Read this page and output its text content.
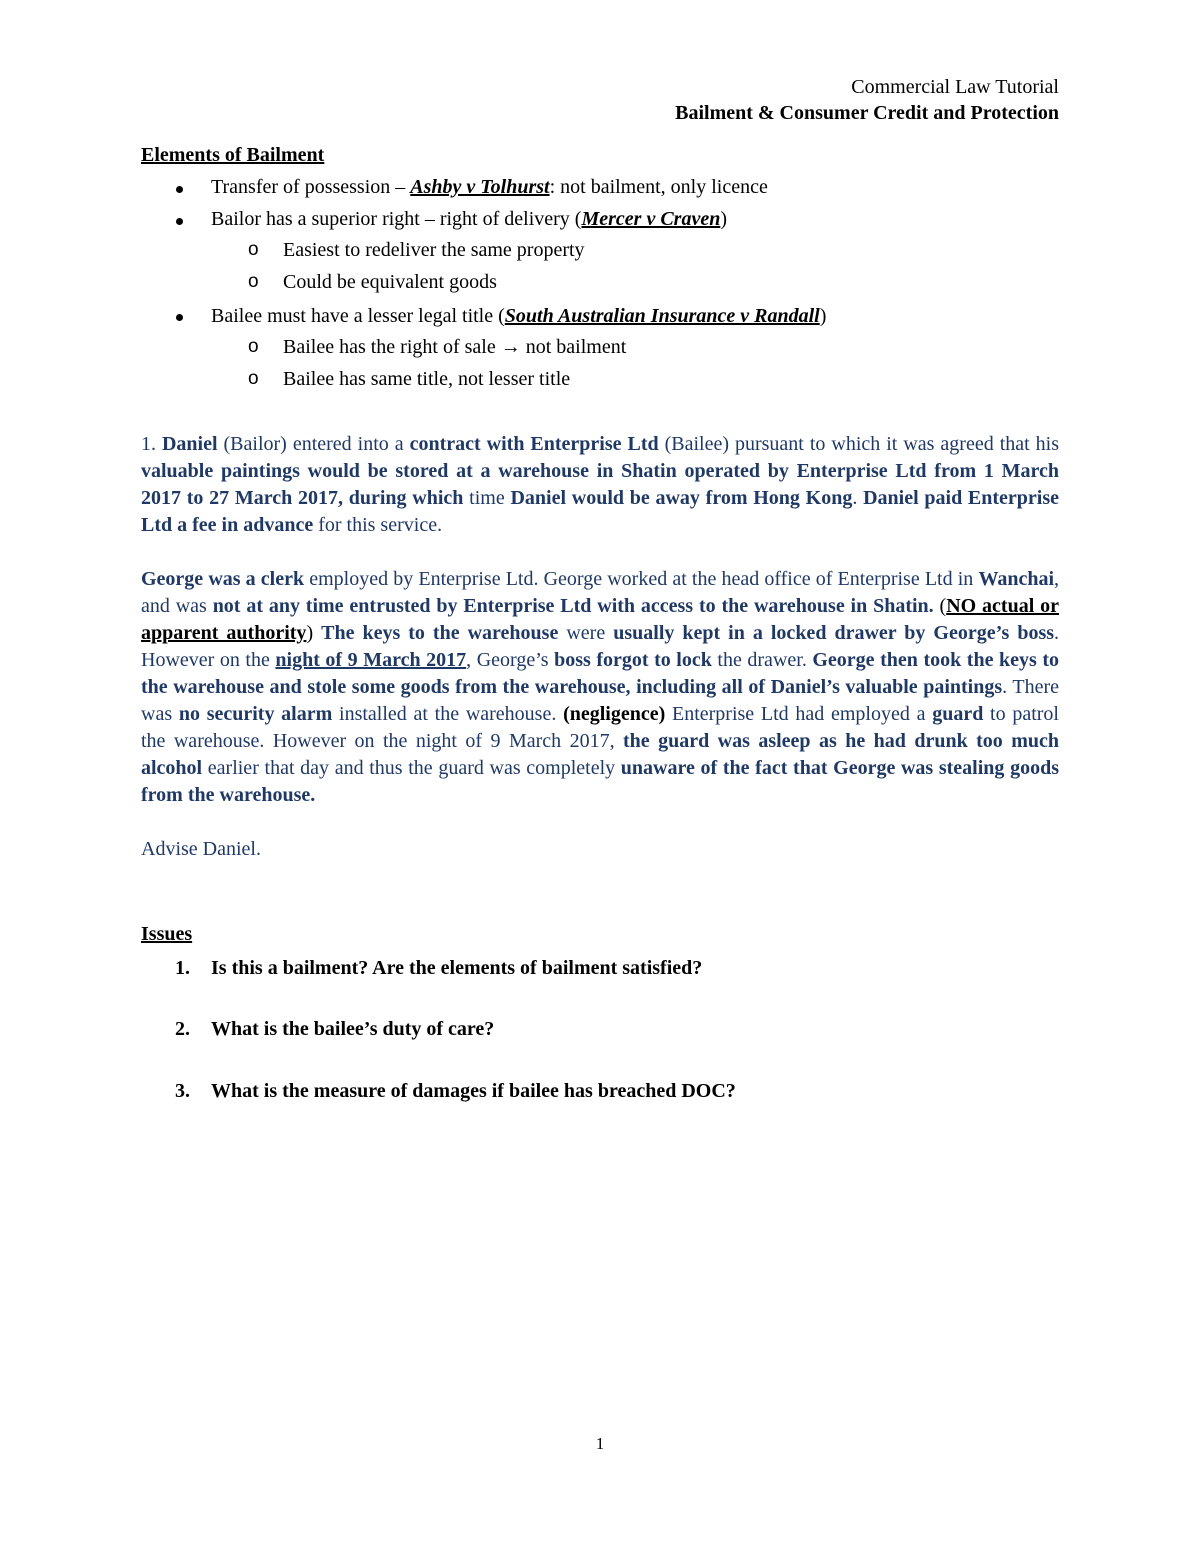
Commercial Law Tutorial
Bailment & Consumer Credit and Protection
Elements of Bailment
Transfer of possession – Ashby v Tolhurst: not bailment, only licence
Bailor has a superior right – right of delivery (Mercer v Craven)
o Easiest to redeliver the same property
o Could be equivalent goods
Bailee must have a lesser legal title (South Australian Insurance v Randall)
o Bailee has the right of sale → not bailment
o Bailee has same title, not lesser title

1. Daniel (Bailor) entered into a contract with Enterprise Ltd (Bailee) pursuant to which it was agreed that his valuable paintings would be stored at a warehouse in Shatin operated by Enterprise Ltd from 1 March 2017 to 27 March 2017, during which time Daniel would be away from Hong Kong. Daniel paid Enterprise Ltd a fee in advance for this service.

George was a clerk employed by Enterprise Ltd. George worked at the head office of Enterprise Ltd in Wanchai, and was not at any time entrusted by Enterprise Ltd with access to the warehouse in Shatin. (NO actual or apparent authority) The keys to the warehouse were usually kept in a locked drawer by George’s boss. However on the night of 9 March 2017, George’s boss forgot to lock the drawer. George then took the keys to the warehouse and stole some goods from the warehouse, including all of Daniel’s valuable paintings. There was no security alarm installed at the warehouse. (negligence) Enterprise Ltd had employed a guard to patrol the warehouse. However on the night of 9 March 2017, the guard was asleep as he had drunk too much alcohol earlier that day and thus the guard was completely unaware of the fact that George was stealing goods from the warehouse.

Advise Daniel.

Issues
1. Is this a bailment? Are the elements of bailment satisfied?
2. What is the bailee’s duty of care?
3. What is the measure of damages if bailee has breached DOC?
1
